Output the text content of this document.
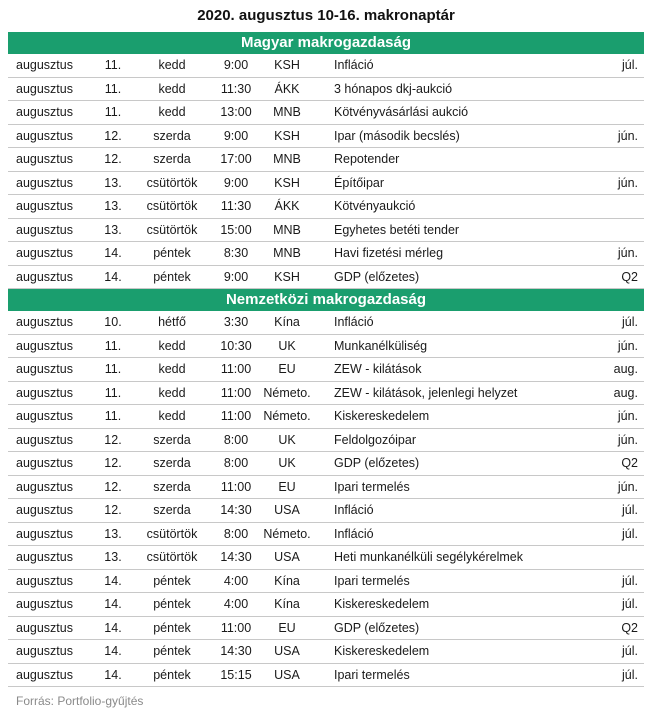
2020. augusztus 10-16. makronaptár
Magyar makrogazdaság
augusztus	11.	kedd	9:00	KSH	Infláció	júl.
augusztus	11.	kedd	11:30	ÁKK	3 hónapos dkj-aukció
augusztus	11.	kedd	13:00	MNB	Kötvényvásárlási aukció
augusztus	12.	szerda	9:00	KSH	Ipar (második becslés)	jún.
augusztus	12.	szerda	17:00	MNB	Repotender
augusztus	13.	csütörtök	9:00	KSH	Építőipar	jún.
augusztus	13.	csütörtök	11:30	ÁKK	Kötvényaukció
augusztus	13.	csütörtök	15:00	MNB	Egyhetes betéti tender
augusztus	14.	péntek	8:30	MNB	Havi fizetési mérleg	jún.
augusztus	14.	péntek	9:00	KSH	GDP (előzetes)	Q2
Nemzetközi makrogazdaság
augusztus	10.	hétfő	3:30	Kína	Infláció	júl.
augusztus	11.	kedd	10:30	UK	Munkanélküliség	jún.
augusztus	11.	kedd	11:00	EU	ZEW - kilátások	aug.
augusztus	11.	kedd	11:00 Németo.	ZEW - kilátások, jelenlegi helyzet	aug.
augusztus	11.	kedd	11:00 Németo.	Kiskereskedelem	jún.
augusztus	12.	szerda	8:00	UK	Feldolgozóipar	jún.
augusztus	12.	szerda	8:00	UK	GDP (előzetes)	Q2
augusztus	12.	szerda	11:00	EU	Ipari termelés	jún.
augusztus	12.	szerda	14:30	USA	Infláció	júl.
augusztus	13.	csütörtök	8:00	Németo.	Infláció	júl.
augusztus	13.	csütörtök	14:30	USA	Heti munkanélküli segélykérelmek
augusztus	14.	péntek	4:00	Kína	Ipari termelés	júl.
augusztus	14.	péntek	4:00	Kína	Kiskereskedelem	júl.
augusztus	14.	péntek	11:00	EU	GDP (előzetes)	Q2
augusztus	14.	péntek	14:30	USA	Kiskereskedelem	júl.
augusztus	14.	péntek	15:15	USA	Ipari termelés	júl.
Forrás: Portfolio-gyűjtés
